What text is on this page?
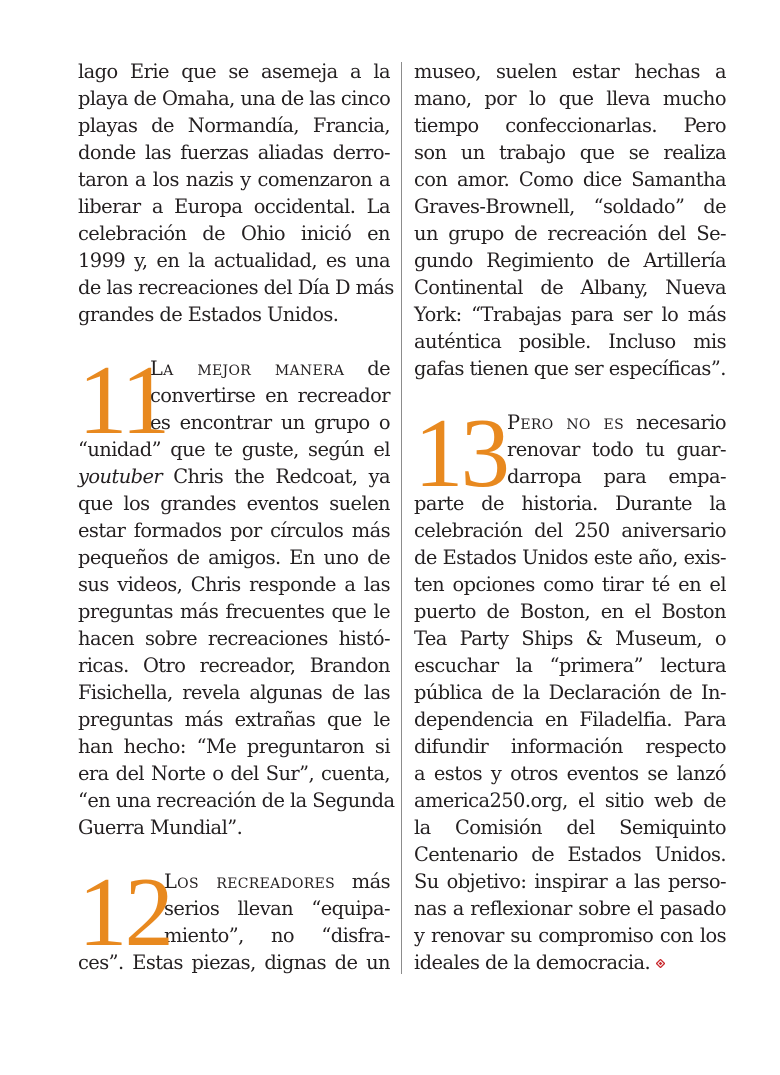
lago Erie que se asemeja a la
playa de Omaha, una de las cinco
playas de Normandía, Francia,
donde las fuerzas aliadas derro-
taron a los nazis y comenzaron a
liberar a Europa occidental. La
celebración de Ohio inició en
1999 y, en la actualidad, es una
de las recreaciones del Día D más
grandes de Estados Unidos.
11
La mejor manera de
convertirse en recreador
es encontrar un grupo o
“unidad” que te guste, según el
youtuber Chris the Redcoat, ya
que los grandes eventos suelen
estar formados por círculos más
pequeños de amigos. En uno de
sus videos, Chris responde a las
preguntas más frecuentes que le
hacen sobre recreaciones histó-
ricas. Otro recreador, Brandon
Fisichella, revela algunas de las
preguntas más extrañas que le
han hecho: “Me preguntaron si
era del Norte o del Sur”, cuenta,
“en una recreación de la Segunda
Guerra Mundial”.
12
Los recreadores más
serios llevan “equipa-
miento”, no “disfra-
ces”. Estas piezas, dignas de un
museo, suelen estar hechas a
mano, por lo que lleva mucho
tiempo confeccionarlas. Pero
son un trabajo que se realiza
con amor. Como dice Samantha
Graves-Brownell, “soldado” de
un grupo de recreación del Se-
gundo Regimiento de Artillería
Continental de Albany, Nueva
York: “Trabajas para ser lo más
auténtica posible. Incluso mis
gafas tienen que ser específicas”.
13 Pero no es necesario
renovar todo tu guar-
darropa para empa-
parte de historia. Durante la
celebración del 250 aniversario
de Estados Unidos este año, exis-
ten opciones como tirar té en el
puerto de Boston, en el Boston
Tea Party Ships & Museum, o
escuchar la “primera” lectura
pública de la Declaración de In-
dependencia en Filadelfia. Para
difundir información respecto
a estos y otros eventos se lanzó
america250.org, el sitio web de
la Comisión del Semiquinto
Centenario de Estados Unidos.
Su objetivo: inspirar a las perso-
nas a reflexionar sobre el pasado
y renovar su compromiso con los
ideales de la democracia.
